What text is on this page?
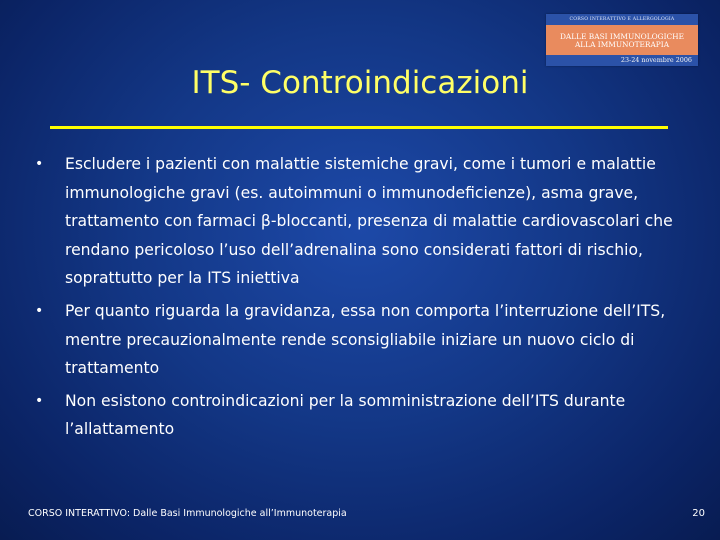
CORSO INTERATTIVO E ALLERGOLOGIA
DALLE BASI IMMUNOLOGICHE
ALLA IMMUNOTERAPIA
23-24 novembre 2006
ITS- Controindicazioni
• Escludere i pazienti con malattie sistemiche gravi, come i tumori e malattie immunologiche gravi (es. autoimmuni o immunodeficienze), asma grave, trattamento con farmaci β-bloccanti, presenza di malattie cardiovascolari che rendano pericoloso l’uso dell’adrenalina sono considerati fattori di rischio, soprattutto per la ITS iniettiva
• Per quanto riguarda la gravidanza, essa non comporta l’interruzione dell’ITS, mentre precauzionalmente rende sconsigliabile iniziare un nuovo ciclo di trattamento
• Non esistono controindicazioni per la somministrazione dell’ITS durante l’allattamento
CORSO INTERATTIVO: Dalle Basi Immunologiche all’Immunoterapia	20
